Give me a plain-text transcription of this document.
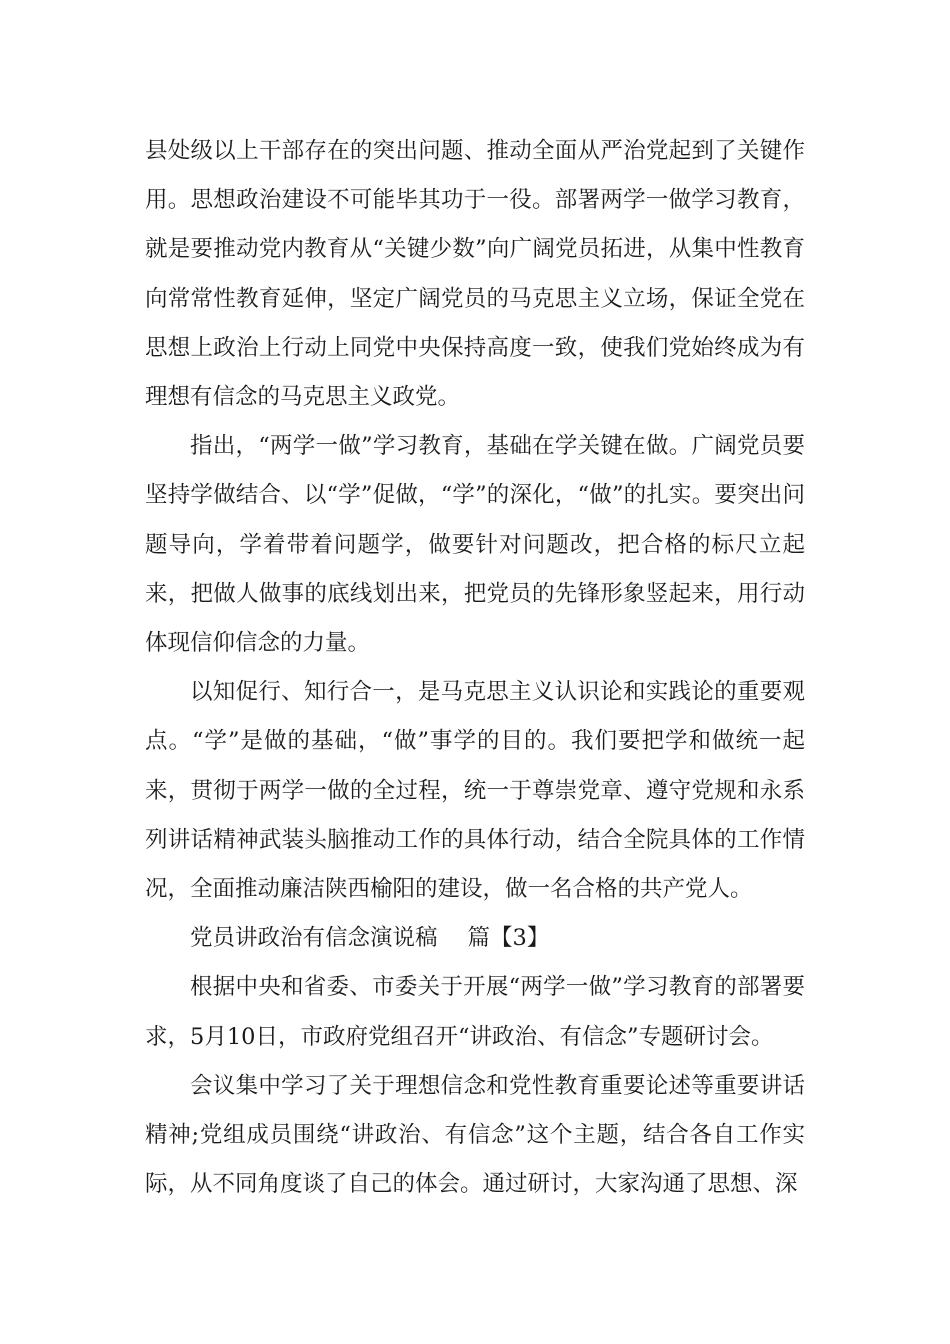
县处级以上干部存在的突出问题、推动全面从严治党起到了关键作用。思想政治建设不可能毕其功于一役。部署两学一做学习教育，就是要推动党内教育从“关键少数”向广阔党员拓进，从集中性教育向常常性教育延伸，坚定广阔党员的马克思主义立场，保证全党在思想上政治上行动上同党中央保持高度一致，使我们党始终成为有理想有信念的马克思主义政党。

指出，“两学一做”学习教育，基础在学关键在做。广阔党员要坚持学做结合、以“学”促做，“学”的深化，“做”的扎实。要突出问题导向，学着带着问题学，做要针对问题改，把合格的标尺立起来，把做人做事的底线划出来，把党员的先锋形象竖起来，用行动体现信仰信念的力量。

以知促行、知行合一，是马克思主义认识论和实践论的重要观点。“学”是做的基础，“做”事学的目的。我们要把学和做统一起来，贯彻于两学一做的全过程，统一于尊崇党章、遵守党规和永系列讲话精神武装头脑推动工作的具体行动，结合全院具体的工作情况，全面推动廉洁陕西榆阳的建设，做一名合格的共产党人。

党员讲政治有信念演说稿 篇【3】

根据中央和省委、市委关于开展“两学一做”学习教育的部署要求，5月10日，市政府党组召开“讲政治、有信念”专题研讨会。

会议集中学习了关于理想信念和党性教育重要论述等重要讲话精神;党组成员围绕“讲政治、有信念”这个主题，结合各自工作实际，从不同角度谈了自己的体会。通过研讨，大家沟通了思想、深
